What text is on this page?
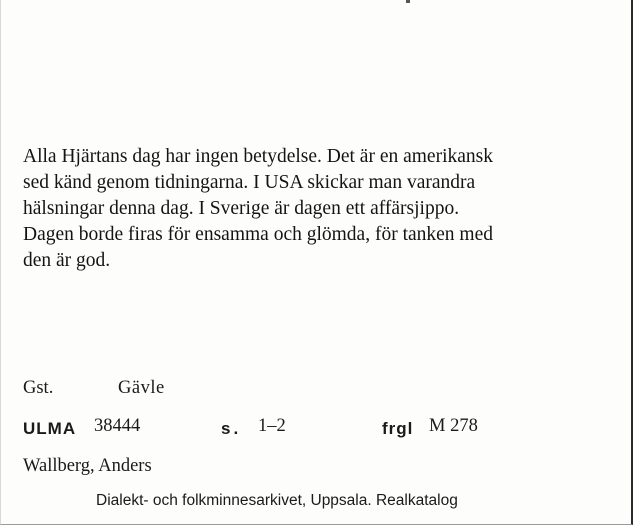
Alla Hjärtans dag har ingen betydelse. Det är en amerikansk
sed känd genom tidningarna. I USA skickar man varandra
hälsningar denna dag. I Sverige är dagen ett affärsjippo.
Dagen borde firas för ensamma och glömda, för tanken med
den är god.
Gst.	Gävle
ULMA 38444	s. 1–2	frgl M 278
Wallberg, Anders
Dialekt- och folkminnesarkivet, Uppsala. Realkatalog
